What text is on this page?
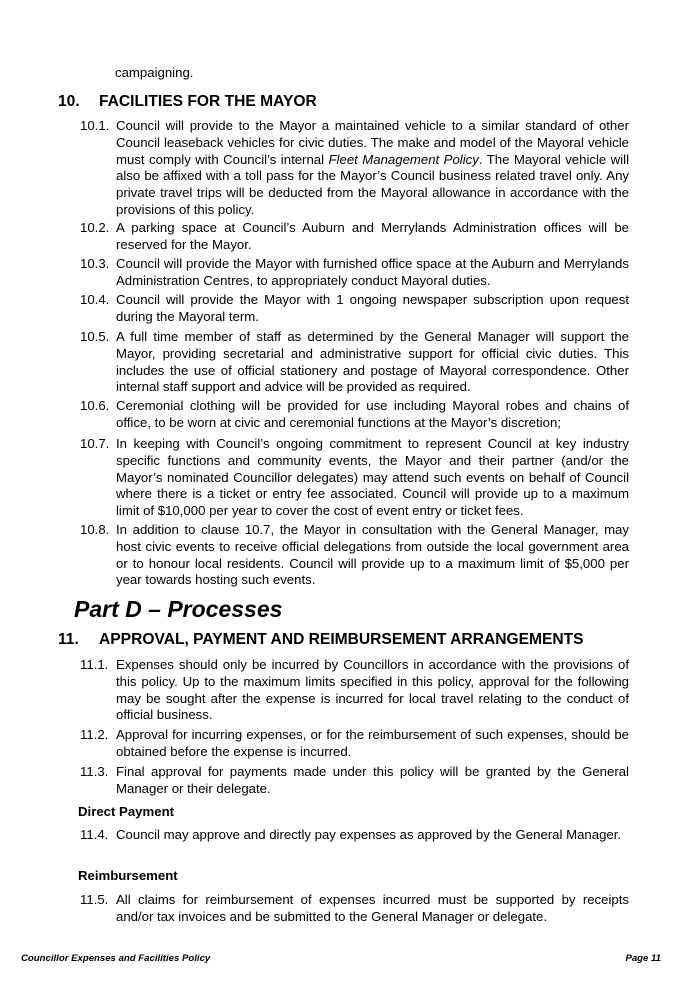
campaigning.
10. FACILITIES FOR THE MAYOR
10.1. Council will provide to the Mayor a maintained vehicle to a similar standard of other Council leaseback vehicles for civic duties. The make and model of the Mayoral vehicle must comply with Council’s internal Fleet Management Policy. The Mayoral vehicle will also be affixed with a toll pass for the Mayor’s Council business related travel only. Any private travel trips will be deducted from the Mayoral allowance in accordance with the provisions of this policy.
10.2. A parking space at Council’s Auburn and Merrylands Administration offices will be reserved for the Mayor.
10.3. Council will provide the Mayor with furnished office space at the Auburn and Merrylands Administration Centres, to appropriately conduct Mayoral duties.
10.4. Council will provide the Mayor with 1 ongoing newspaper subscription upon request during the Mayoral term.
10.5. A full time member of staff as determined by the General Manager will support the Mayor, providing secretarial and administrative support for official civic duties. This includes the use of official stationery and postage of Mayoral correspondence. Other internal staff support and advice will be provided as required.
10.6. Ceremonial clothing will be provided for use including Mayoral robes and chains of office, to be worn at civic and ceremonial functions at the Mayor’s discretion;
10.7. In keeping with Council’s ongoing commitment to represent Council at key industry specific functions and community events, the Mayor and their partner (and/or the Mayor’s nominated Councillor delegates) may attend such events on behalf of Council where there is a ticket or entry fee associated. Council will provide up to a maximum limit of $10,000 per year to cover the cost of event entry or ticket fees.
10.8. In addition to clause 10.7, the Mayor in consultation with the General Manager, may host civic events to receive official delegations from outside the local government area or to honour local residents. Council will provide up to a maximum limit of $5,000 per year towards hosting such events.
Part D – Processes
11. APPROVAL, PAYMENT AND REIMBURSEMENT ARRANGEMENTS
11.1. Expenses should only be incurred by Councillors in accordance with the provisions of this policy. Up to the maximum limits specified in this policy, approval for the following may be sought after the expense is incurred for local travel relating to the conduct of official business.
11.2. Approval for incurring expenses, or for the reimbursement of such expenses, should be obtained before the expense is incurred.
11.3. Final approval for payments made under this policy will be granted by the General Manager or their delegate.
Direct Payment
11.4. Council may approve and directly pay expenses as approved by the General Manager.
Reimbursement
11.5. All claims for reimbursement of expenses incurred must be supported by receipts and/or tax invoices and be submitted to the General Manager or delegate.
Councillor Expenses and Facilities Policy	Page 11
